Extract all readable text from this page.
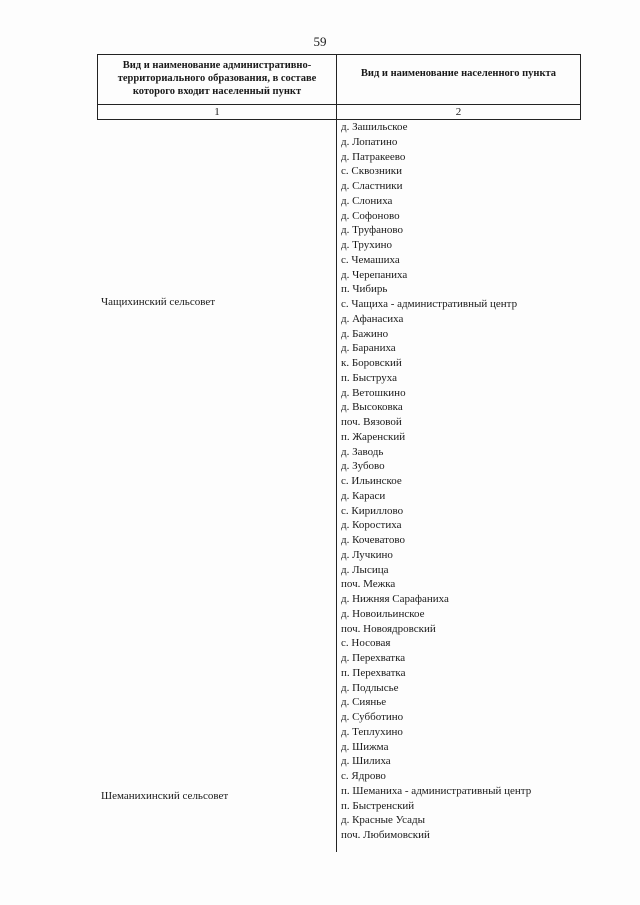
59
Вид и наименование административно-территориального образования, в составе которого входит населенный пункт
Вид и наименование населенного пункта
1	2
Чащихинский сельсовет
Шеманихинский сельсовет
д. Зашильское
д. Лопатино
д. Патракеево
с. Сквозники
д. Сластники
д. Слониха
д. Софоново
д. Труфаново
д. Трухино
с. Чемашиха
д. Черепаниха
п. Чибирь
с. Чащиха - административный центр
д. Афанасиха
д. Бажино
д. Бараниха
к. Боровский
п. Быструха
д. Ветошкино
д. Высоковка
поч. Вязовой
п. Жаренский
д. Заводь
д. Зубово
с. Ильинское
д. Караси
с. Кириллово
д. Коростиха
д. Кочеватово
д. Лучкино
д. Лысица
поч. Межка
д. Нижняя Сарафаниха
д. Новоильинское
поч. Новоядровский
с. Носовая
д. Перехватка
п. Перехватка
д. Подлысье
д. Сиянье
д. Субботино
д. Теплухино
д. Шижма
д. Шилиха
с. Ядрово
п. Шеманиха - административный центр
п. Быстренский
д. Красные Усады
поч. Любимовский
